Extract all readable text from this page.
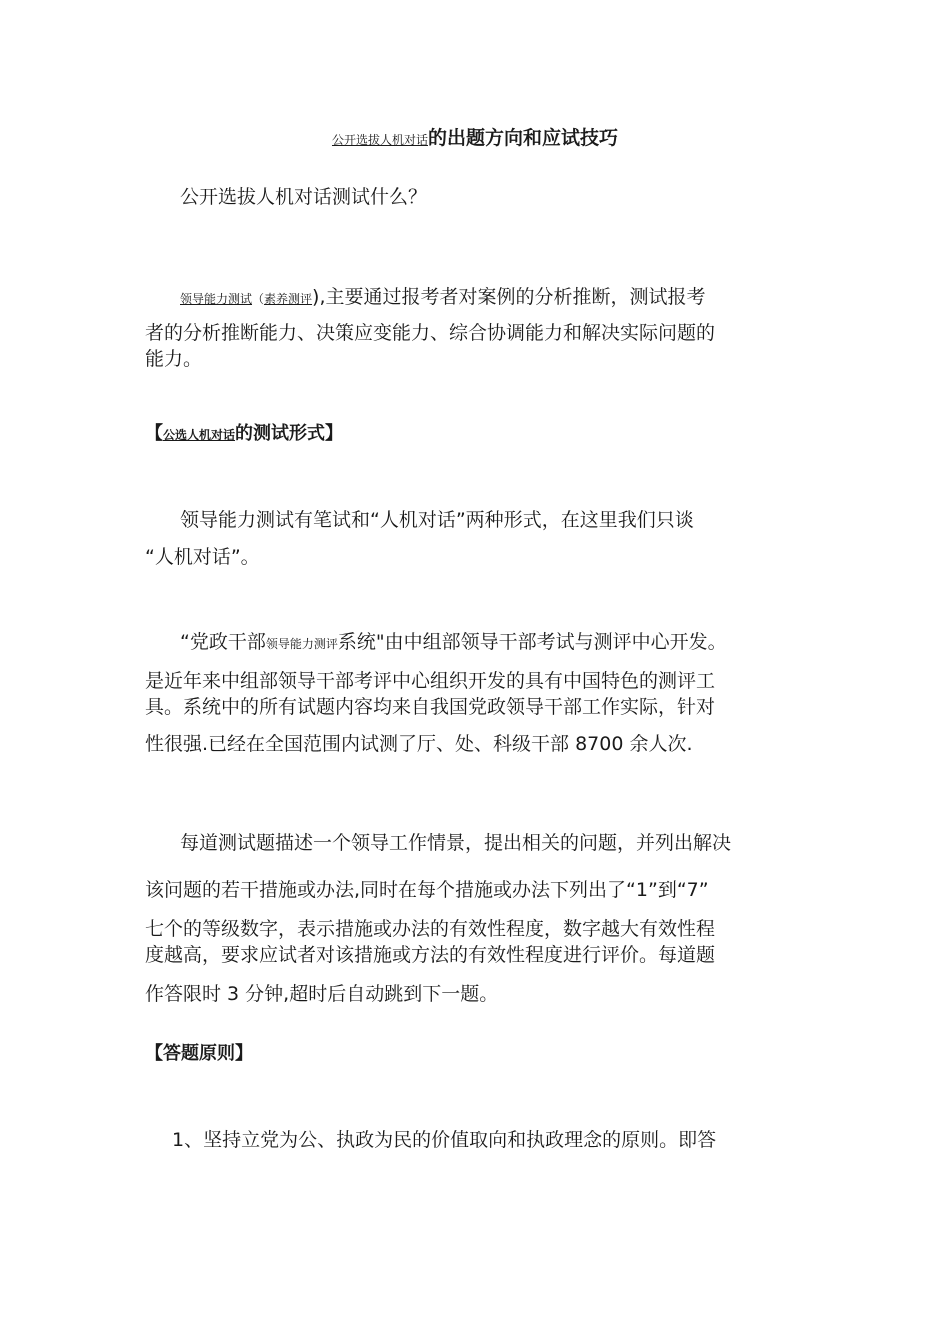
公开选拔人机对话的出题方向和应试技巧
公开选拔人机对话测试什么？
领导能力测试（素养测评),主要通过报考者对案例的分析推断，测试报考
者的分析推断能力、决策应变能力、综合协调能力和解决实际问题的
能力。
【公选人机对话的测试形式】
领导能力测试有笔试和“人机对话”两种形式，在这里我们只谈
“人机对话”。
“党政干部领导能力测评系统"由中组部领导干部考试与测评中心开发。
是近年来中组部领导干部考评中心组织开发的具有中国特色的测评工
具。系统中的所有试题内容均来自我国党政领导干部工作实际，针对
性很强.已经在全国范围内试测了厅、处、科级干部 8700 余人次.
每道测试题描述一个领导工作情景，提出相关的问题，并列出解决
该问题的若干措施或办法,同时在每个措施或办法下列出了“1”到“7”
七个的等级数字，表示措施或办法的有效性程度，数字越大有效性程
度越高，要求应试者对该措施或方法的有效性程度进行评价。每道题
作答限时 3 分钟,超时后自动跳到下一题。
【答题原则】
1、坚持立党为公、执政为民的价值取向和执政理念的原则。即答
